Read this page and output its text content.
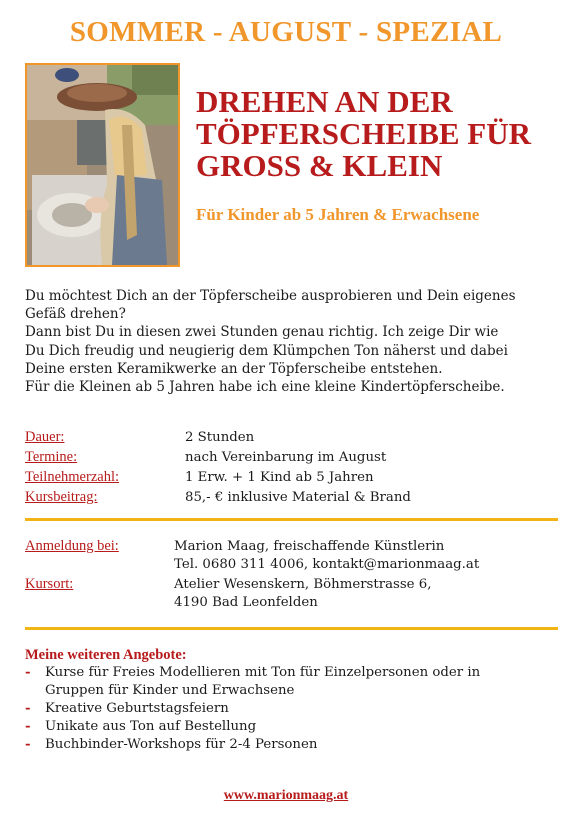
SOMMER - AUGUST - SPEZIAL
DREHEN AN DER
TÖPFERSCHEIBE FÜR
GROSS & KLEIN
Für Kinder ab 5 Jahren & Erwachsene
Du möchtest Dich an der Töpferscheibe ausprobieren und Dein eigenes
Gefäß drehen?
Dann bist Du in diesen zwei Stunden genau richtig. Ich zeige Dir wie
Du Dich freudig und neugierig dem Klümpchen Ton näherst und dabei
Deine ersten Keramikwerke an der Töpferscheibe entstehen.
Für die Kleinen ab 5 Jahren habe ich eine kleine Kindertöpferscheibe.
Dauer:	2 Stunden
Termine:	nach Vereinbarung im August
Teilnehmerzahl:	1 Erw. + 1 Kind ab 5 Jahren
Kursbeitrag:	85,- € inklusive Material & Brand
Anmeldung bei:	Marion Maag, freischaffende Künstlerin
Tel. 0680 311 4006, kontakt@marionmaag.at
Kursort:	Atelier Wesenskern, Böhmerstrasse 6,
4190 Bad Leonfelden
Meine weiteren Angebote:
- Kurse für Freies Modellieren mit Ton für Einzelpersonen oder in
Gruppen für Kinder und Erwachsene
- Kreative Geburtstagsfeiern
- Unikate aus Ton auf Bestellung
- Buchbinder-Workshops für 2-4 Personen
www.marionmaag.at
